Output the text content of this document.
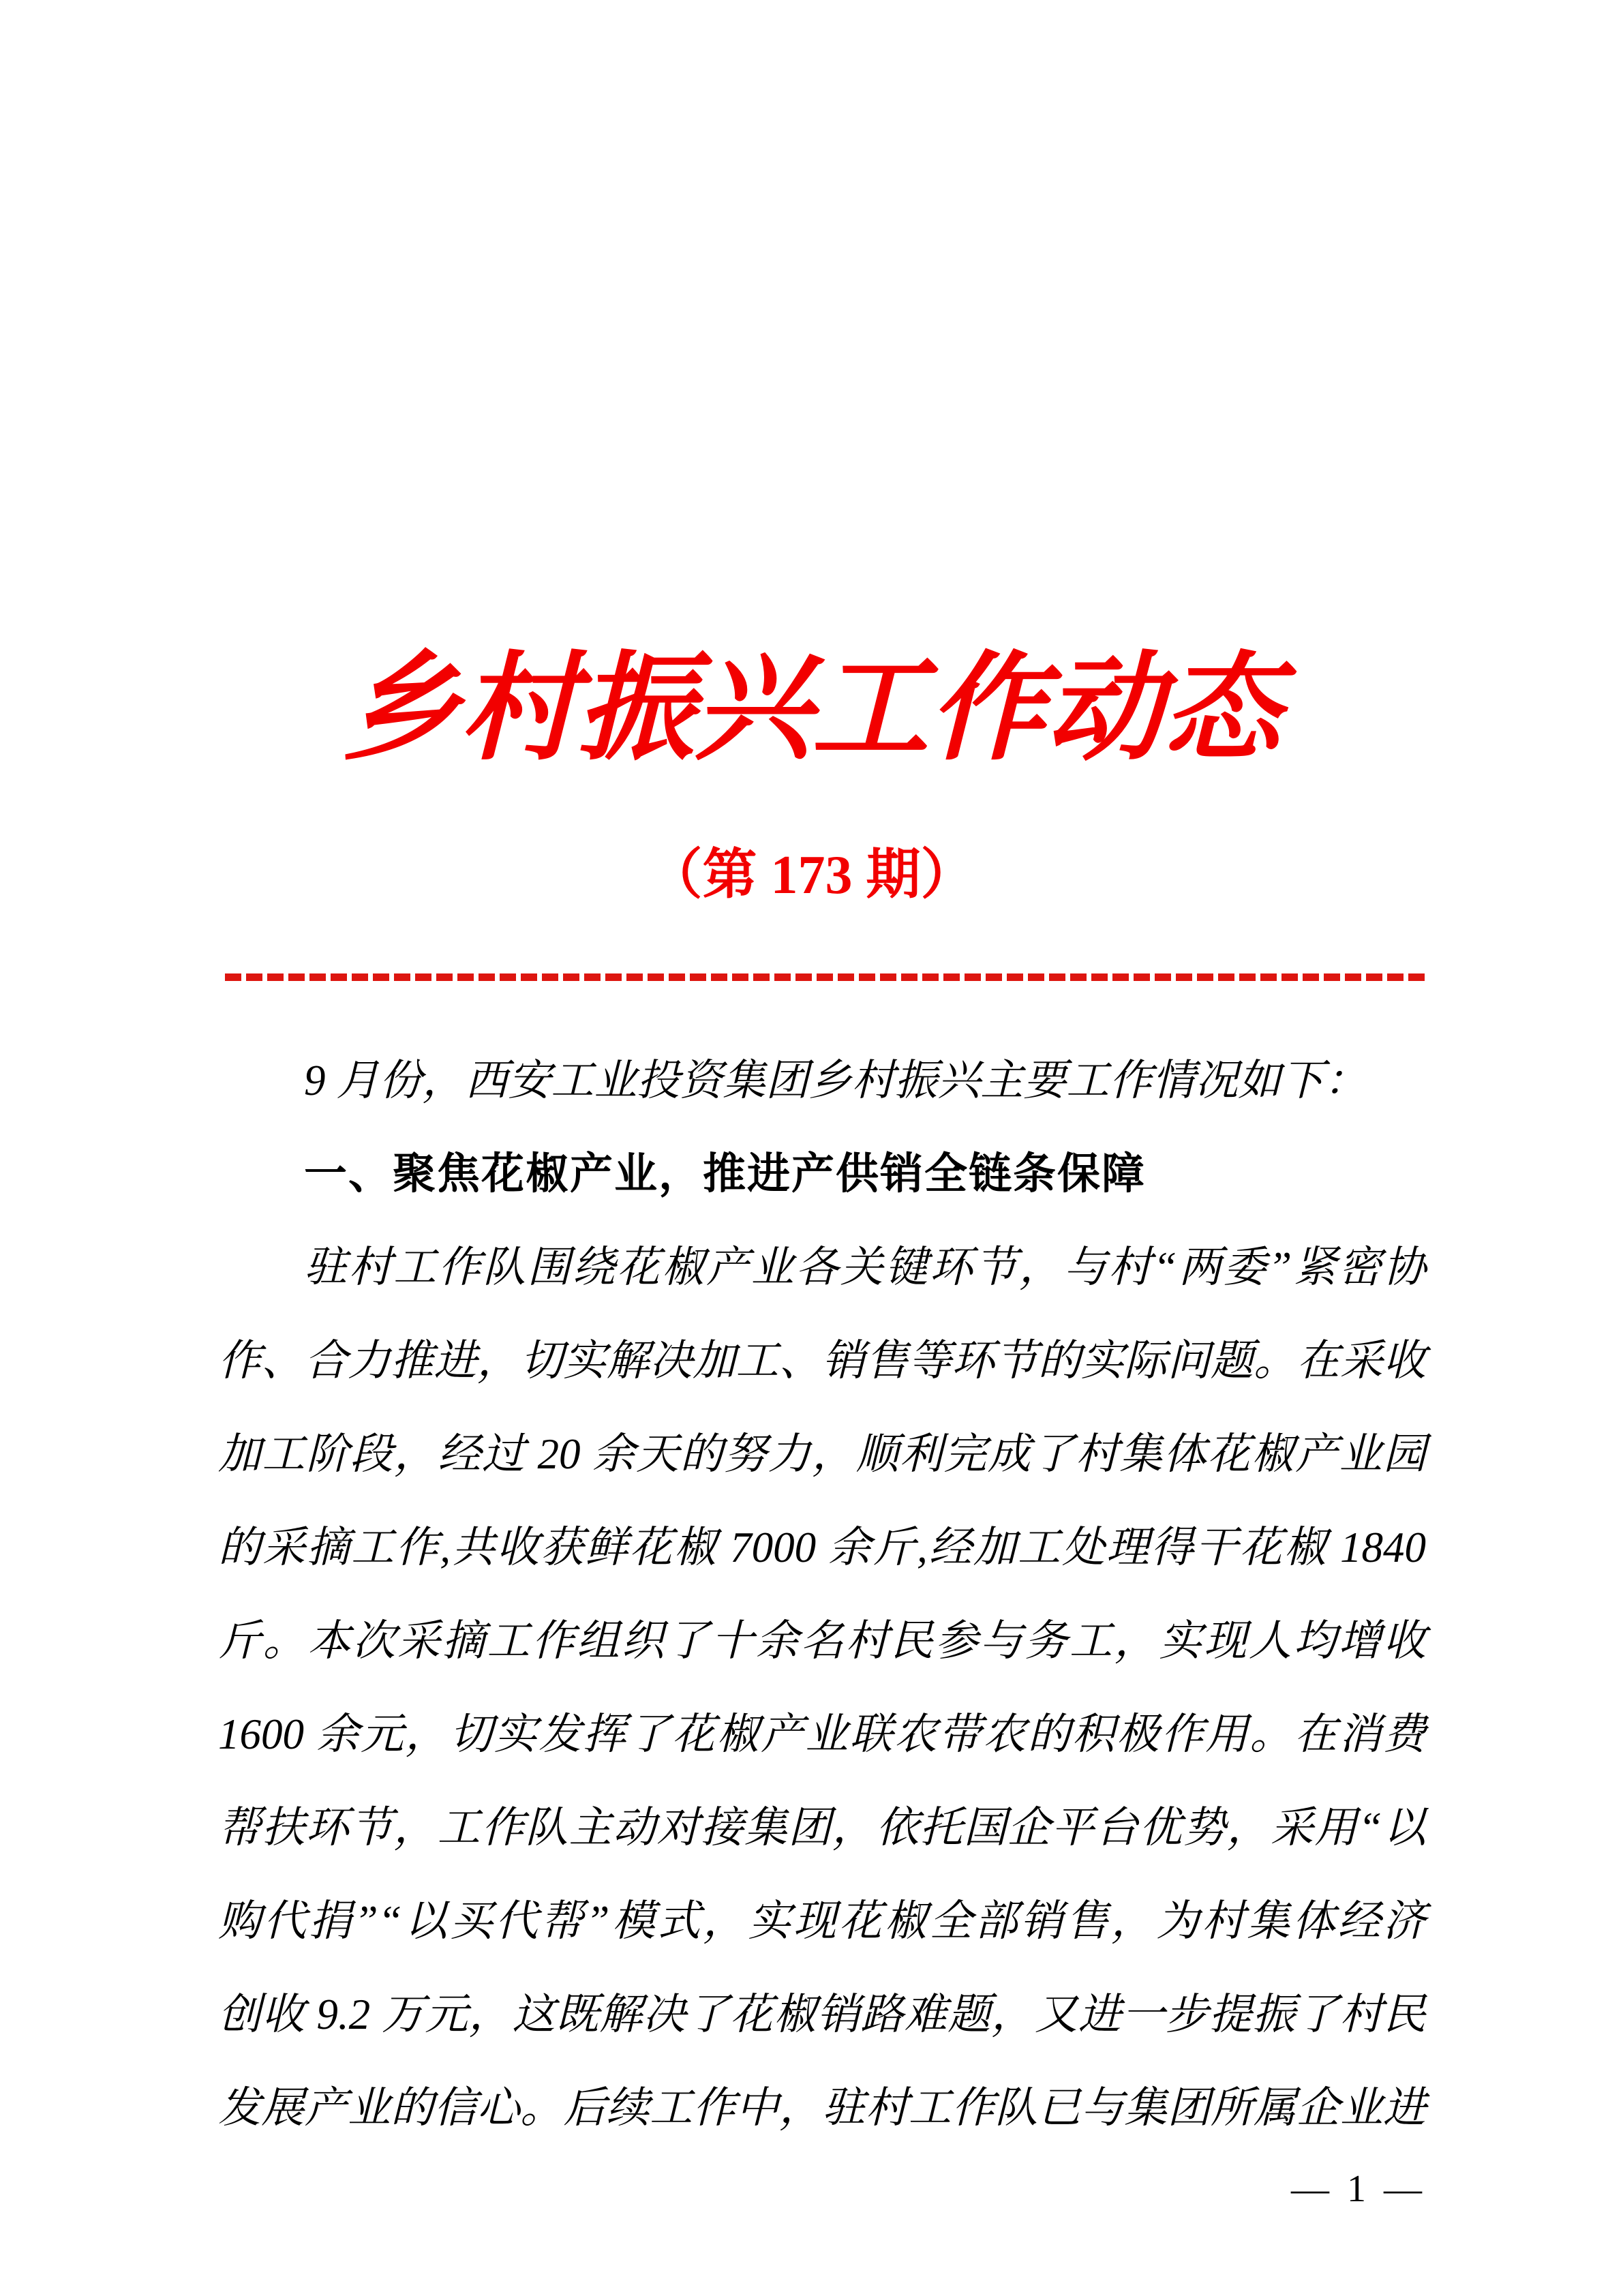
乡村振兴工作动态
（第 173 期）
9 月份，西安工业投资集团乡村振兴主要工作情况如下：
一、聚焦花椒产业，推进产供销全链条保障
驻村工作队围绕花椒产业各关键环节，与村“两委”紧密协
作、合力推进，切实解决加工、销售等环节的实际问题。在采收
加工阶段，经过 20 余天的努力，顺利完成了村集体花椒产业园
的采摘工作,共收获鲜花椒 7000 余斤,经加工处理得干花椒 1840
斤。本次采摘工作组织了十余名村民参与务工，实现人均增收
1600 余元，切实发挥了花椒产业联农带农的积极作用。在消费
帮扶环节，工作队主动对接集团，依托国企平台优势，采用“以
购代捐”“以买代帮”模式，实现花椒全部销售，为村集体经济
创收 9.2 万元，这既解决了花椒销路难题，又进一步提振了村民
发展产业的信心。后续工作中，驻村工作队已与集团所属企业进
— 1 —
